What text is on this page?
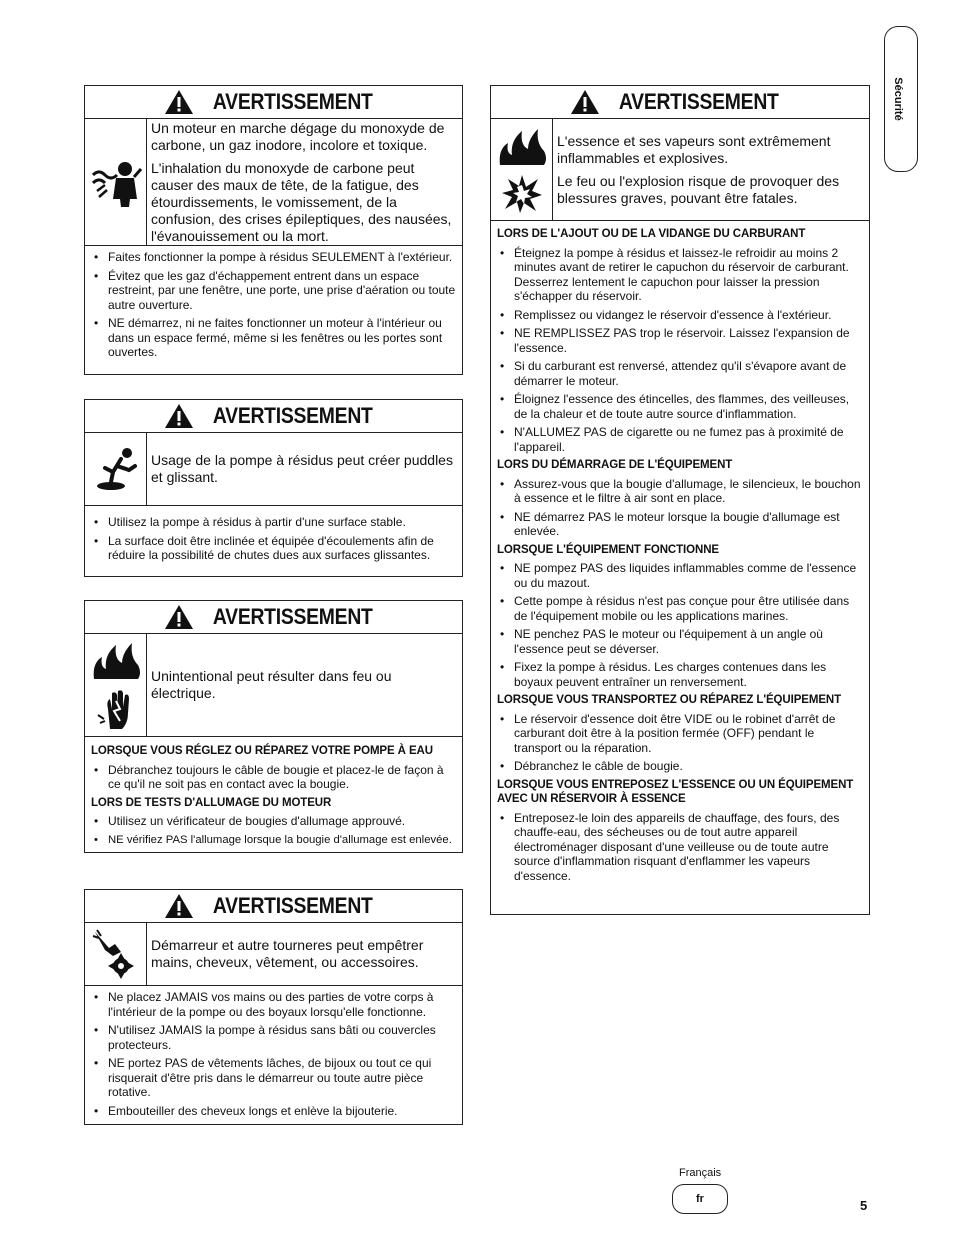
Sécurité
AVERTISSEMENT

Un moteur en marche dégage du monoxyde de carbone, un gaz inodore, incolore et toxique.

L'inhalation du monoxyde de carbone peut causer des maux de tête, de la fatigue, des étourdissements, le vomissement, de la confusion, des crises épileptiques, des nausées, l'évanouissement ou la mort.

• Faites fonctionner la pompe à résidus SEULEMENT à l'extérieur.
• Évitez que les gaz d'échappement entrent dans un espace restreint, par une fenêtre, une porte, une prise d'aération ou toute autre ouverture.
• NE démarrez, ni ne faites fonctionner un moteur à l'intérieur ou dans un espace fermé, même si les fenêtres ou les portes sont ouvertes.
AVERTISSEMENT

Usage de la pompe à résidus peut créer puddles et glissant.

• Utilisez la pompe à résidus à partir d'une surface stable.
• La surface doit être inclinée et équipée d'écoulements afin de réduire la possibilité de chutes dues aux surfaces glissantes.
AVERTISSEMENT

Unintentional peut résulter dans feu ou électrique.

LORSQUE VOUS RÉGLEZ OU RÉPAREZ VOTRE POMPE À EAU
• Débranchez toujours le câble de bougie et placez-le de façon à ce qu'il ne soit pas en contact avec la bougie.
LORS DE TESTS D'ALLUMAGE DU MOTEUR
• Utilisez un vérificateur de bougies d'allumage approuvé.
• NE vérifiez PAS l'allumage lorsque la bougie d'allumage est enlevée.
AVERTISSEMENT

Démarreur et autre tourneres peut empêtrer mains, cheveux, vêtement, ou accessoires.

• Ne placez JAMAIS vos mains ou des parties de votre corps à l'intérieur de la pompe ou des boyaux lorsqu'elle fonctionne.
• N'utilisez JAMAIS la pompe à résidus sans bâti ou couvercles protecteurs.
• NE portez PAS de vêtements lâches, de bijoux ou tout ce qui risquerait d'être pris dans le démarreur ou toute autre pièce rotative.
• Embouteiller des cheveux longs et enlève la bijouterie.
AVERTISSEMENT

L'essence et ses vapeurs sont extrêmement inflammables et explosives.

Le feu ou l'explosion risque de provoquer des blessures graves, pouvant être fatales.

LORS DE L'AJOUT OU DE LA VIDANGE DU CARBURANT
• Éteignez la pompe à résidus et laissez-le refroidir au moins 2 minutes avant de retirer le capuchon du réservoir de carburant. Desserrez lentement le capuchon pour laisser la pression s'échapper du réservoir.
• Remplissez ou vidangez le réservoir d'essence à l'extérieur.
• NE REMPLISSEZ PAS trop le réservoir. Laissez l'expansion de l'essence.
• Si du carburant est renversé, attendez qu'il s'évapore avant de démarrer le moteur.
• Éloignez l'essence des étincelles, des flammes, des veilleuses, de la chaleur et de toute autre source d'inflammation.
• N'ALLUMEZ PAS de cigarette ou ne fumez pas à proximité de l'appareil.
LORS DU DÉMARRAGE DE L'ÉQUIPEMENT
• Assurez-vous que la bougie d'allumage, le silencieux, le bouchon à essence et le filtre à air sont en place.
• NE démarrez PAS le moteur lorsque la bougie d'allumage est enlevée.
LORSQUE L'ÉQUIPEMENT FONCTIONNE
• NE pompez PAS des liquides inflammables comme de l'essence ou du mazout.
• Cette pompe à résidus n'est pas conçue pour être utilisée dans de l'équipement mobile ou les applications marines.
• NE penchez PAS le moteur ou l'équipement à un angle où l'essence peut se déverser.
• Fixez la pompe à résidus. Les charges contenues dans les boyaux peuvent entraîner un renversement.
LORSQUE VOUS TRANSPORTEZ OU RÉPAREZ L'ÉQUIPEMENT
• Le réservoir d'essence doit être VIDE ou le robinet d'arrêt de carburant doit être à la position fermée (OFF) pendant le transport ou la réparation.
• Débranchez le câble de bougie.
LORSQUE VOUS ENTREPOSEZ L'ESSENCE OU UN ÉQUIPEMENT AVEC UN RÉSERVOIR À ESSENCE
• Entreposez-le loin des appareils de chauffage, des fours, des chauffe-eau, des sécheuses ou de tout autre appareil électroménager disposant d'une veilleuse ou de toute autre source d'inflammation risquant d'enflammer les vapeurs d'essence.
Français
fr	5
